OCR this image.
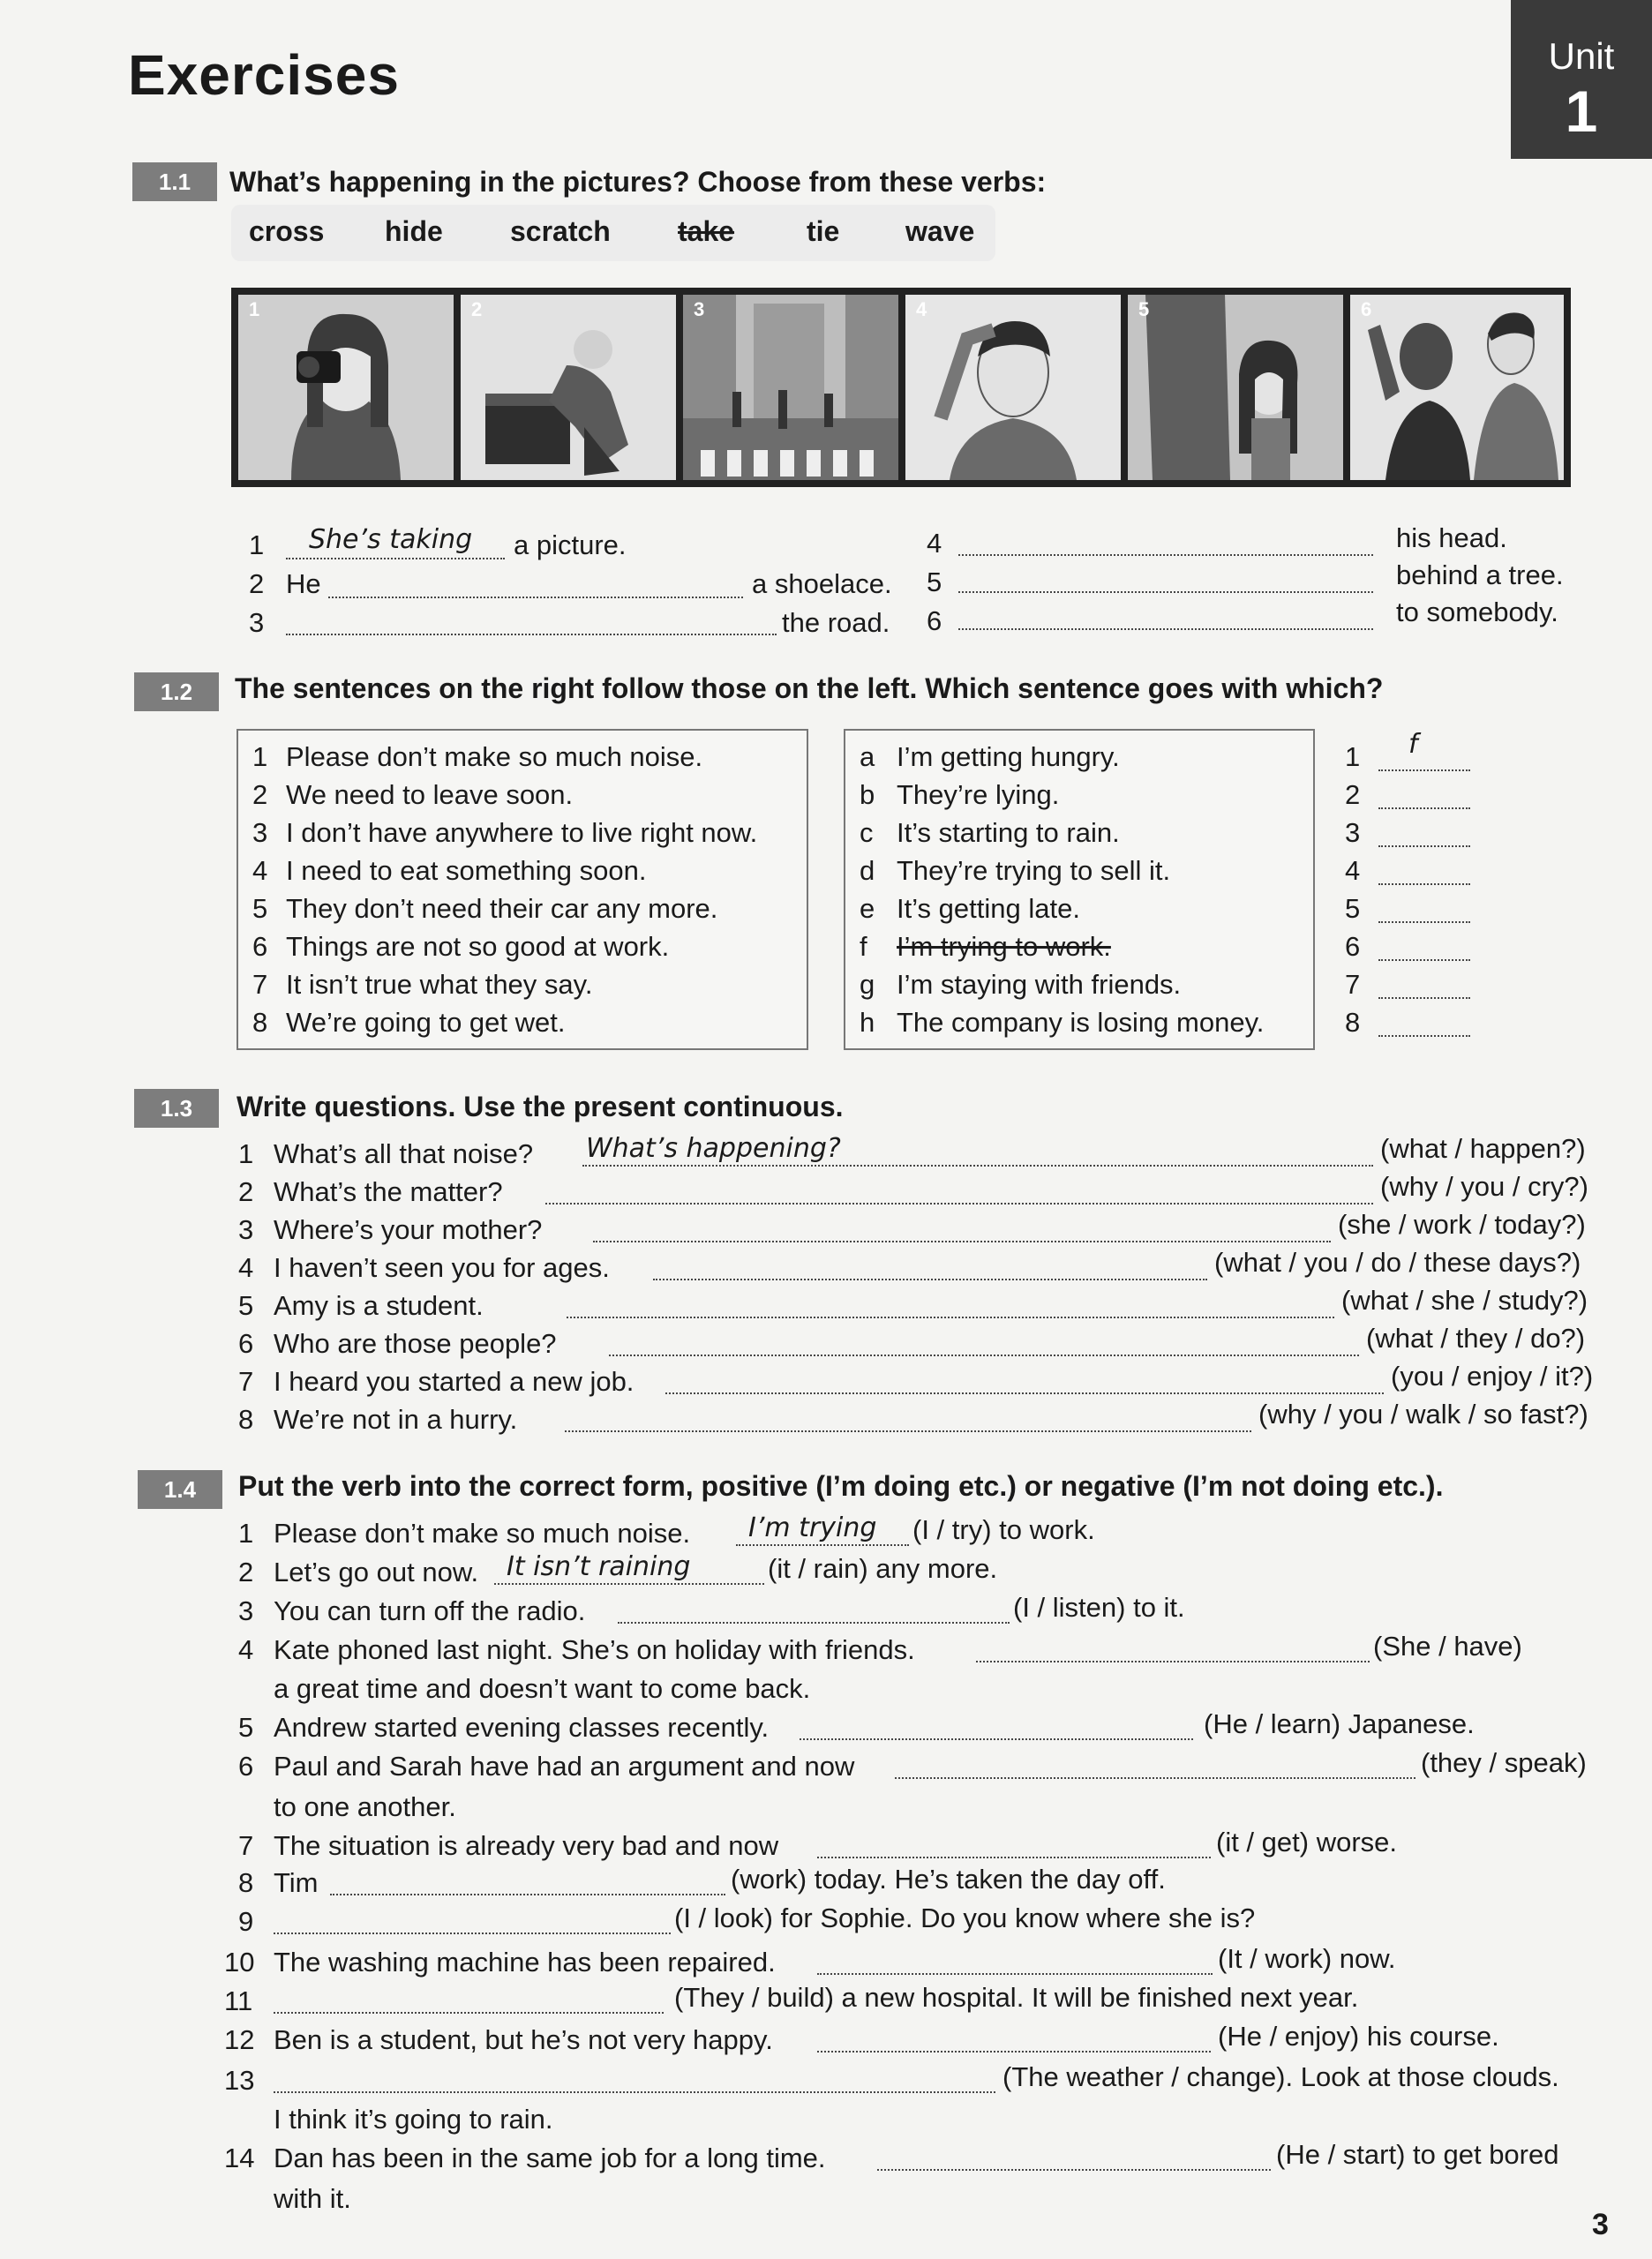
Exercises	Unit
1
1.1	What’s happening in the pictures? Choose from these verbs:
cross hide scratch take	tie wave
1	2	3	4	5	6
1 She’s taking a picture.
2 He	a shoelace.
3	the road.
4	his head.
5	behind a tree.
6	to somebody.
1.2	The sentences on the right follow those on the left. Which sentence goes with which?
1 Please don’t make so much noise.
2 We need to leave soon.
3 I don’t have anywhere to live right now.
4 I need to eat something soon.
5 They don’t need their car any more.
6 Things are not so good at work.
7 It isn’t true what they say.
8 We’re going to get wet.
a I’m getting hungry.
b They’re lying.
c It’s starting to rain.
d They’re trying to sell it.
e It’s getting late.
f I’m trying to work.
g I’m staying with friends.
h The company is losing money.
1 f
2
3
4
5
6
7
8
1.3	Write questions. Use the present continuous.
1 What’s all that noise? What’s happening?	(what / happen?)
2 What’s the matter?	(why / you / cry?)
3 Where’s your mother?	(she / work / today?)
4 I haven’t seen you for ages.	(what / you / do / these days?)
5 Amy is a student.	(what / she / study?)
6 Who are those people?	(what / they / do?)
7 I heard you started a new job.	(you / enjoy / it?)
8 We’re not in a hurry.	(why / you / walk / so fast?)
1.4	Put the verb into the correct form, positive (I’m doing etc.) or negative (I’m not doing etc.).
1 Please don’t make so much noise. I’m trying (I / try) to work.
2 Let’s go out now. It isn’t raining	(it / rain) any more.
3 You can turn off the radio.	(I / listen) to it.
4 Kate phoned last night. She’s on holiday with friends.	(She / have)
a great time and doesn’t want to come back.
5 Andrew started evening classes recently.	(He / learn) Japanese.
6 Paul and Sarah have had an argument and now	(they / speak)
to one another.
7 The situation is already very bad and now	(it / get) worse.
8 Tim	(work) today. He’s taken the day off.
9	(I / look) for Sophie. Do you know where she is?
10 The washing machine has been repaired.	(It / work) now.
11	(They / build) a new hospital. It will be finished next year.
12 Ben is a student, but he’s not very happy.	(He / enjoy) his course.
13	(The weather / change). Look at those clouds.
I think it’s going to rain.
14 Dan has been in the same job for a long time.	(He / start) to get bored
with it.
3
